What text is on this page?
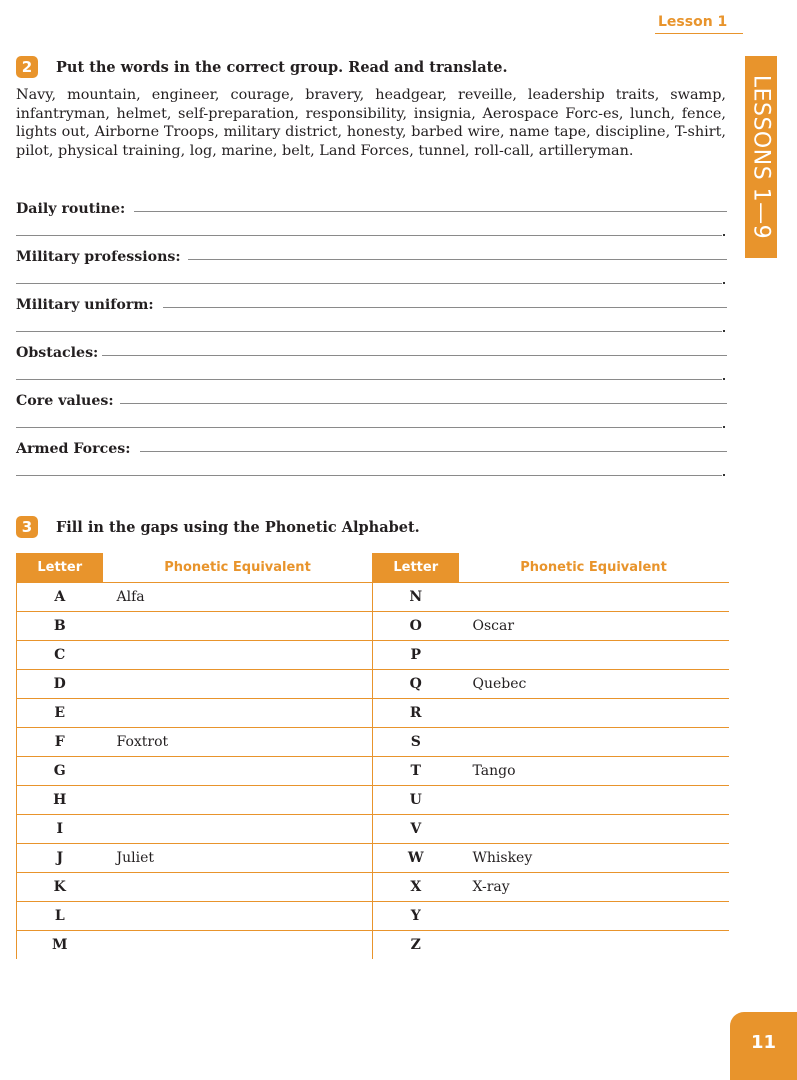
Lesson 1
LESSONS 1—9
2	Put the words in the correct group. Read and translate.
Navy, mountain, engineer, courage, bravery, headgear, reveille, leadership traits, swamp, infantryman, helmet, self-preparation, responsibility, insignia, Aerospace Forc-es, lunch, fence, lights out, Airborne Troops, military district, honesty, barbed wire, name tape, discipline, T-shirt, pilot, physical training, log, marine, belt, Land Forces, tunnel, roll-call, artilleryman.
Daily routine:
Military professions:
Military uniform:
Obstacles:
Core values:
Armed Forces:
3	Fill in the gaps using the Phonetic Alphabet.
Letter	Phonetic Equivalent
A	Alfa
B	
C	
D	
E	
F	Foxtrot
G	
H	
I	
J	Juliet
K	
L	
M	
Letter	Phonetic Equivalent
N	
O	Oscar
P	
Q	Quebec
R	
S	
T	Tango
U	
V	
W	Whiskey
X	X-ray
Y	
Z	
11
